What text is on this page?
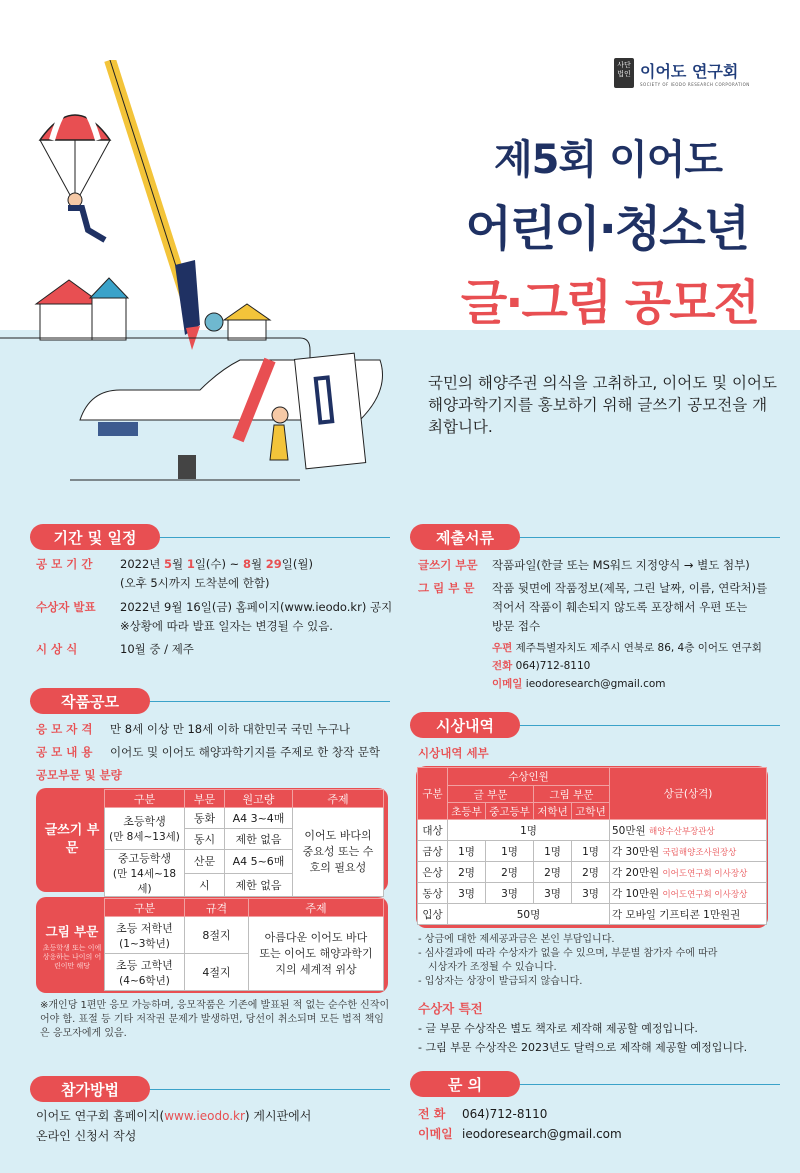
사단 법인 이어도 연구회
SOCIETY OF IEODO RESEARCH CORPORATION
제5회 이어도
어린이·청소년
글·그림 공모전
국민의 해양주권 의식을 고취하고, 이어도 및 이어도 해양과학기지를 홍보하기 위해 글쓰기 공모전을 개최합니다.
기간 및 일정
공 모 기 간 2022년 5월 1일(수) ~ 8월 29일(월)
(오후 5시까지 도착분에 한함)
수상자 발표 2022년 9월 16일(금) 홈페이지(www.ieodo.kr) 공지
※상황에 따라 발표 일자는 변경될 수 있음.
시 상 식	10월 중 / 제주
작품공모
응 모 자 격 만 8세 이상 만 18세 이하 대한민국 국민 누구나
공 모 내 용 이어도 및 이어도 해양과학기지를 주제로 한 창작 문학
공모부문 및 분량
글쓰기 부문
구분	부문	원고량	주제

초등학생
(만 8세~13세)	동화	A4 3~4매	이어도 바다의 중요성 또는 수호의 필요성
	동시	제한 없음	

중고등학생
(만 14세~18세)	산문	A4 5~6매	
	시	제한 없음	
그림 부문
초등학생 또는 이에 상응하는 나이의 어린이만 해당
구분	규격	주제

초등 저학년
(1~3학년)	8절지	아름다운 이어도 바다 또는 이어도 해양과학기지의 세계적 위상

초등 고학년
(4~6학년)	4절지	
※개인당 1편만 응모 가능하며, 응모작품은 기존에 발표된 적 없는 순수한 신작이어야 함. 표절 등 기타 저작권 문제가 발생하면, 당선이 취소되며 모든 법적 책임은 응모자에게 있음.
참가방법
이어도 연구회 홈페이지(www.ieodo.kr) 게시판에서
온라인 신청서 작성
제출서류
글쓰기 부문 작품파일(한글 또는 MS워드 지정양식 → 별도 첨부)
그 림 부 문 작품 뒷면에 작품정보(제목, 그린 날짜, 이름, 연락처)를
적어서 작품이 훼손되지 않도록 포장해서 우편 또는
방문 접수
우편 제주특별자치도 제주시 연북로 86, 4층 이어도 연구회
전화 064)712-8110
이메일 ieodoresearch@gmail.com
시상내역
시상내역 세부
구분	수상인원				상금(상격)
	글 부문		그림 부문		
	초등부	중고등부	저학년	고학년	
대상	1명				50만원 해양수산부장관상
금상	1명	1명	1명	1명	각 30만원 국립해양조사원장상
은상	2명	2명	2명	2명	각 20만원 이어도연구회 이사장상
동상	3명	3명	3명	3명	각 10만원 이어도연구회 이사장상
입상	50명				각 모바일 기프티콘 1만원권
- 상금에 대한 제세공과금은 본인 부담입니다.
- 심사결과에 따라 수상자가 없을 수 있으며, 부문별 참가자 수에 따라
시상자가 조정될 수 있습니다.
- 입상자는 상장이 발급되지 않습니다.
수상자 특전
- 글 부문 수상작은 별도 책자로 제작해 제공할 예정입니다.
- 그림 부문 수상작은 2023년도 달력으로 제작해 제공할 예정입니다.
문 의
전 화 064)712-8110
이메일 ieodoresearch@gmail.com
